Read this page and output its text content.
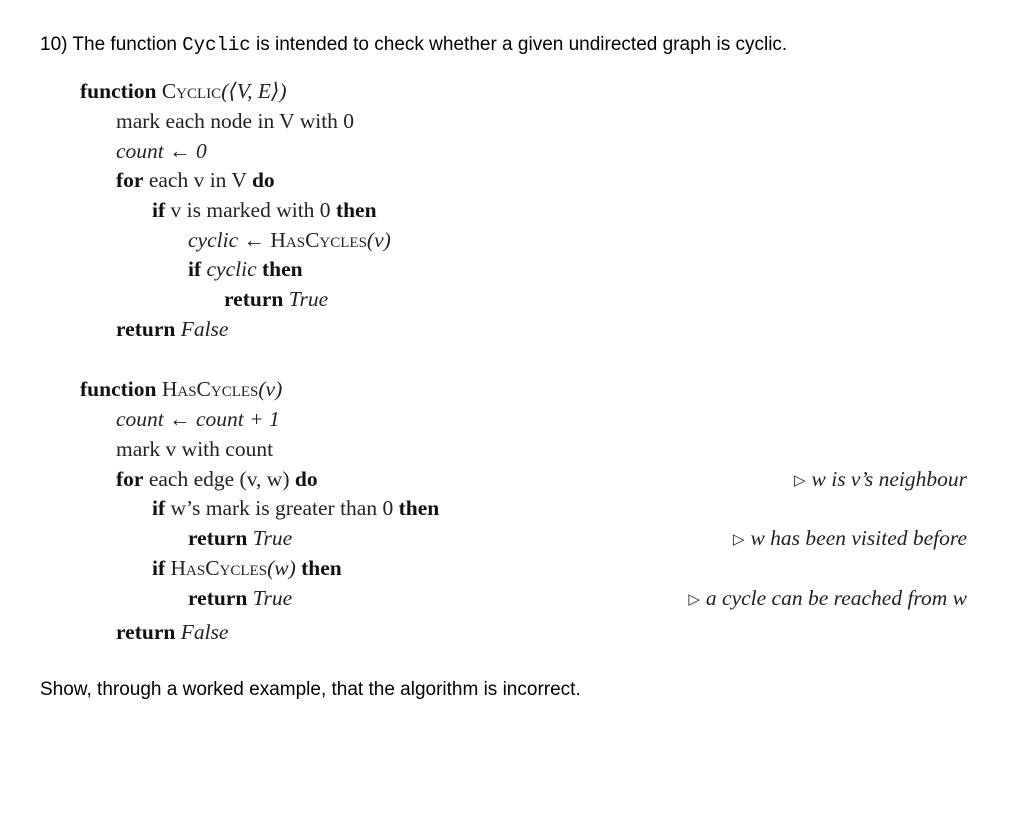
10) The function Cyclic is intended to check whether a given undirected graph is cyclic.
function Cyclic(⟨V, E⟩)
mark each node in V with 0
count ← 0
for each v in V do
if v is marked with 0 then
cyclic ← HasCycles(v)
if cyclic then
return True
return False
function HasCycles(v)
count ← count + 1
mark v with count
for each edge (v, w) do	▷ w is v’s neighbour
if w’s mark is greater than 0 then
return True	▷ w has been visited before
if HasCycles(w) then
return True	▷ a cycle can be reached from w
return False
Show, through a worked example, that the algorithm is incorrect.
